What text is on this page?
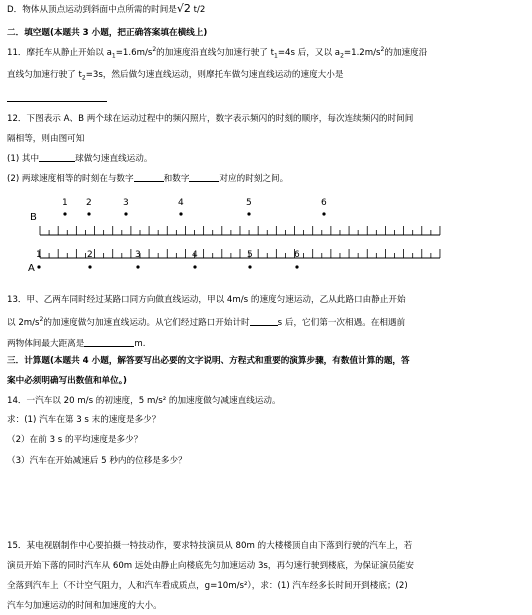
D．物体从顶点运动到斜面中点所需的时间是√2 t/2
二．填空题(本题共 3 小题，把正确答案填在横线上)
11．摩托车从静止开始以 $a_1=1.6m/s^2$的加速度沿直线匀加速行驶了 $t_1=4s$ 后，又以 $a_2=1.2m/s^2$的加速度沿
直线匀加速行驶了 $t_2=3s$，然后做匀速直线运动，则摩托车做匀速直线运动的速度大小是
12．下图表示 A、B 两个球在运动过程中的频闪照片，数字表示频闪的时刻的顺序，每次连续频闪的时间间
隔相等，则由图可知
(1) 其中	球做匀速直线运动。
(2) 两球速度相等的时刻在与数字	和数字	对应的时刻之间。
B
A
1 2	3	4	5	6
1	2	3	4	5	6
13．甲、乙两车同时经过某路口同方向做直线运动，甲以 4m/s 的速度匀速运动，乙从此路口由静止开始
以 $2m/s^2$的加速度做匀加速直线运动。从它们经过路口开始计时	s 后，它们第一次相遇。在相遇前
两物体间最大距离是	m.
三．计算题(本题共 4 小题，解答要写出必要的文字说明、方程式和重要的演算步骤，有数值计算的题，答
案中必须明确写出数值和单位。)
14．一汽车以 20 m/s 的初速度，5 m/s² 的加速度做匀减速直线运动。
求：(1) 汽车在第 3 s 末的速度是多少？
（2）在前 3 s 的平均速度是多少？
（3）汽车在开始减速后 5 秒内的位移是多少？
15．某电视剧制作中心要拍摄一特技动作，要求特技演员从 80m 的大楼楼顶自由下落到行驶的汽车上，若
演员开始下落的同时汽车从 60m 远处由静止向楼底先匀加速运动 3s，再匀速行驶到楼底，为保证演员能安
全落到汽车上（不计空气阻力，人和汽车看成质点，g=10m/s²），求：(1) 汽车经多长时间开到楼底；(2)
汽车匀加速运动的时间和加速度的大小。
